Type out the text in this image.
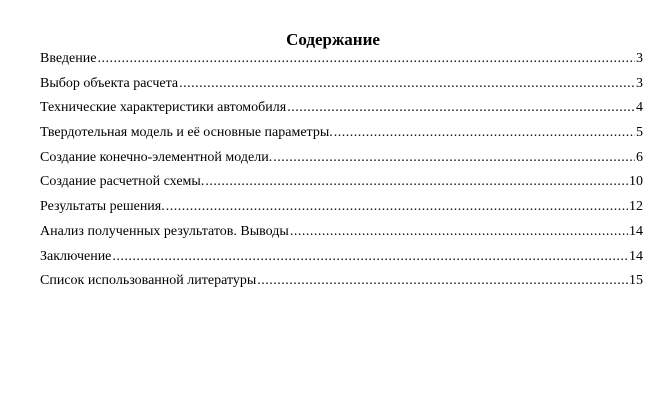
Содержание
Введение .....	3
Выбор объекта расчета .....	3
Технические характеристики автомобиля .....	4
Твердотельная модель и её основные параметры. .....	5
Создание конечно-элементной модели. .....	6
Создание расчетной схемы. .....	10
Результаты решения. .....	12
Анализ полученных результатов. Выводы .....	14
Заключение .....	14
Список использованной литературы .....	15
